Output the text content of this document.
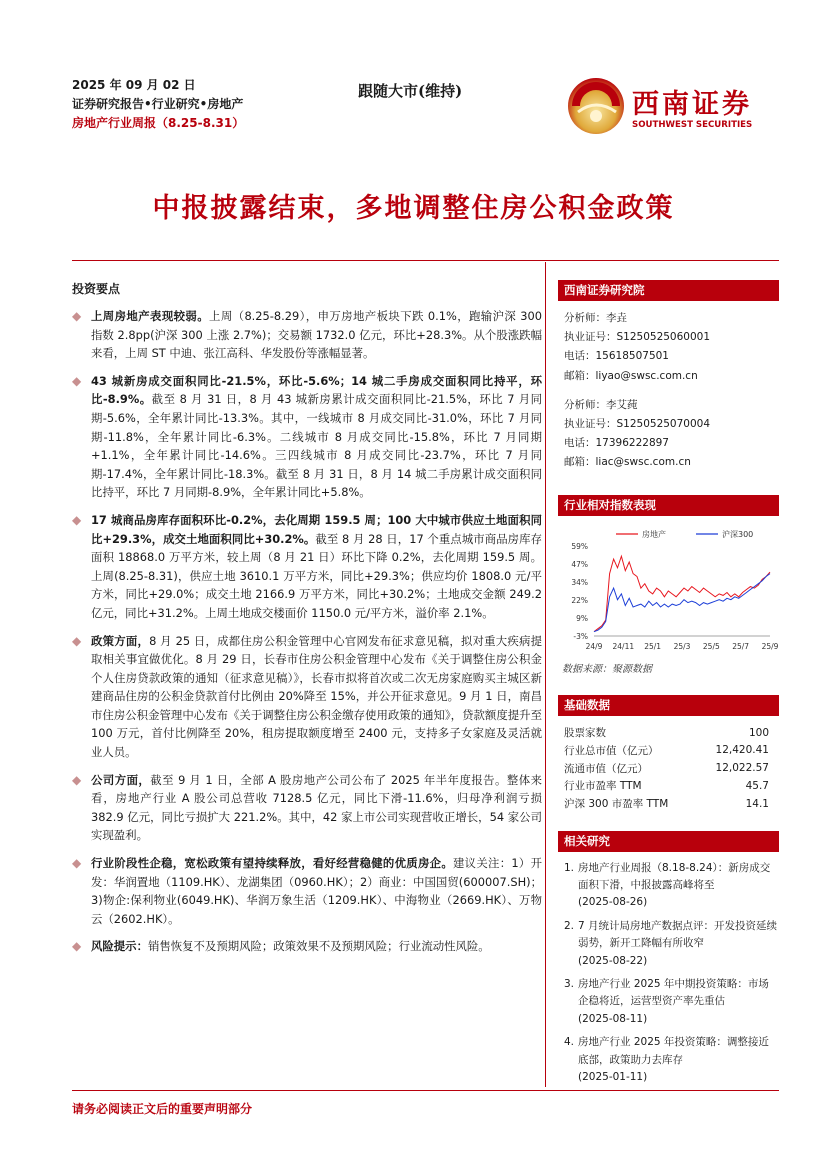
2025 年 09 月 02 日
证券研究报告•行业研究•房地产
房地产行业周报（8.25-8.31）
跟随大市(维持)	西南证券
SOUTHWEST SECURITIES
中报披露结束，多地调整住房公积金政策
投资要点
◆ 上周房地产表现较弱。上周（8.25-8.29），申万房地产板块下跌 0.1%，跑输沪深 300 指数 2.8pp(沪深 300 上涨 2.7%)；交易额 1732.0 亿元，环比+28.3%。从个股涨跌幅来看，上周 ST 中迪、张江高科、华发股份等涨幅显著。
◆ 43 城新房成交面积同比-21.5%，环比-5.6%；14 城二手房成交面积同比持平，环比-8.9%。截至 8 月 31 日，8 月 43 城新房累计成交面积同比-21.5%，环比 7 月同期-5.6%，全年累计同比-13.3%。其中，一线城市 8 月成交同比-31.0%，环比 7 月同期-11.8%，全年累计同比-6.3%。二线城市 8 月成交同比-15.8%，环比 7 月同期+1.1%，全年累计同比-14.6%。三四线城市 8 月成交同比-23.7%，环比 7 月同期-17.4%，全年累计同比-18.3%。截至 8 月 31 日，8 月 14 城二手房累计成交面积同比持平，环比 7 月同期-8.9%，全年累计同比+5.8%。
◆ 17 城商品房库存面积环比-0.2%，去化周期 159.5 周；100 大中城市供应土地面积同比+29.3%，成交土地面积同比+30.2%。截至 8 月 28 日，17 个重点城市商品房库存面积 18868.0 万平方米，较上周（8 月 21 日）环比下降 0.2%，去化周期 159.5 周。上周(8.25-8.31)，供应土地 3610.1 万平方米，同比+29.3%；供应均价 1808.0 元/平方米，同比+29.0%；成交土地 2166.9 万平方米，同比+30.2%；土地成交金额 249.2 亿元，同比+31.2%。上周土地成交楼面价 1150.0 元/平方米，溢价率 2.1%。
◆ 政策方面，8 月 25 日，成都住房公积金管理中心官网发布征求意见稿，拟对重大疾病提取相关事宜做优化。8 月 29 日，长春市住房公积金管理中心发布《关于调整住房公积金个人住房贷款政策的通知（征求意见稿）》，长春市拟将首次或二次无房家庭购买主城区新建商品住房的公积金贷款首付比例由 20%降至 15%，并公开征求意见。9 月 1 日，南昌市住房公积金管理中心发布《关于调整住房公积金缴存使用政策的通知》，贷款额度提升至 100 万元，首付比例降至 20%，租房提取额度增至 2400 元，支持多子女家庭及灵活就业人员。
◆ 公司方面，截至 9 月 1 日，全部 A 股房地产公司公布了 2025 年半年度报告。整体来看，房地产行业 A 股公司总营收 7128.5 亿元，同比下滑-11.6%，归母净利润亏损 382.9 亿元，同比亏损扩大 221.2%。其中，42 家上市公司实现营收正增长，54 家公司实现盈利。
◆ 行业阶段性企稳，宽松政策有望持续释放，看好经营稳健的优质房企。建议关注：1）开发：华润置地（1109.HK）、龙湖集团（0960.HK）；2）商业：中国国贸(600007.SH)；3)物企:保利物业(6049.HK)、华润万象生活（1209.HK）、中海物业（2669.HK）、万物云（2602.HK）。
◆ 风险提示：销售恢复不及预期风险；政策效果不及预期风险；行业流动性风险。
西南证券研究院
分析师：李垚
执业证号：S1250525060001
电话：15618507501
邮箱：liyao@swsc.com.cn
分析师：李艾莼
执业证号：S1250525070004
电话：17396222897
邮箱：liac@swsc.com.cn
行业相对指数表现
59%
47%
34%
22%
9%
-3%
24/9 24/11 25/1 25/3 25/5 25/7 25/9
房地产	沪深300
数据来源：聚源数据
基础数据
股票家数	100
行业总市值（亿元）	12,420.41
流通市值（亿元）	12,022.57
行业市盈率 TTM	45.7
沪深 300 市盈率 TTM	14.1
相关研究
1. 房地产行业周报（8.18-8.24）：新房成交面积下滑，中报披露高峰将至
(2025-08-26)
2. 7 月统计局房地产数据点评：开发投资延续弱势，新开工降幅有所收窄
(2025-08-22)
3. 房地产行业 2025 年中期投资策略：市场企稳将近，运营型资产率先重估
(2025-08-11)
4. 房地产行业 2025 年投资策略：调整接近底部，政策助力去库存
(2025-01-11)
请务必阅读正文后的重要声明部分
